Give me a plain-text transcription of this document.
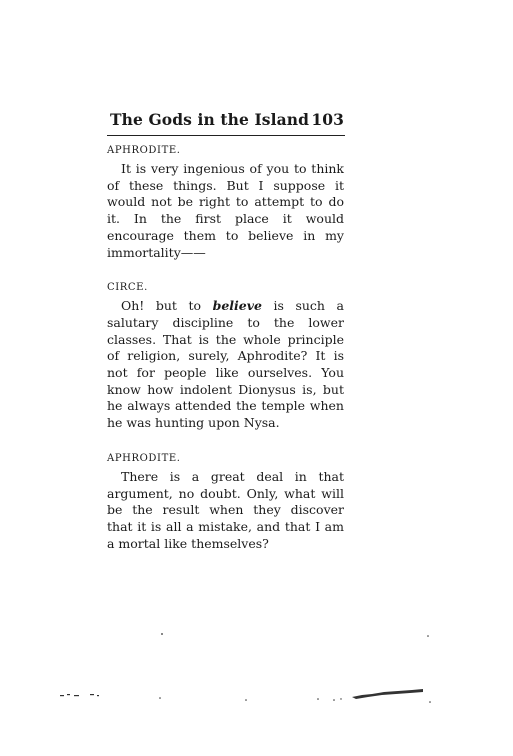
The Gods in the Island 103

APHRODITE.

It is very ingenious of you to think of these things. But I suppose it would not be right to attempt to do it. In the first place it would encourage them to believe in my immortality——

CIRCE.

Oh! but to believe is such a salutary discipline to the lower classes. That is the whole principle of religion, surely, Aphrodite? It is not for people like ourselves. You know how indolent Dionysus is, but he always attended the temple when he was hunting upon Nysa.

APHRODITE.

There is a great deal in that argument, no doubt. Only, what will be the result when they discover that it is all a mistake, and that I am a mortal like themselves?
